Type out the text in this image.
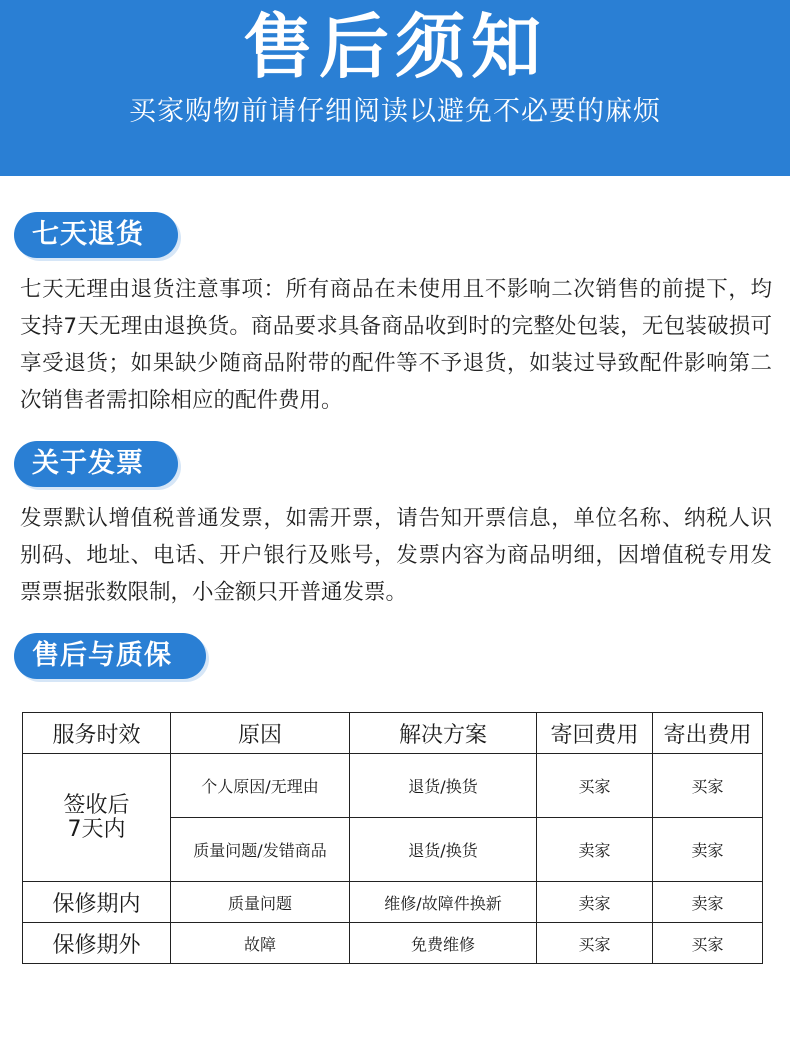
售后须知
买家购物前请仔细阅读以避免不必要的麻烦
七天退货
七天无理由退货注意事项：所有商品在未使用且不影响二次销售的前提下，均支持7天无理由退换货。商品要求具备商品收到时的完整处包装，无包装破损可享受退货；如果缺少随商品附带的配件等不予退货，如装过导致配件影响第二次销售者需扣除相应的配件费用。
关于发票
发票默认增值税普通发票，如需开票，请告知开票信息，单位名称、纳税人识别码、地址、电话、开户银行及账号，发票内容为商品明细，因增值税专用发票票据张数限制，小金额只开普通发票。
售后与质保
服务时效	原因	解决方案	寄回费用	寄出费用

签收后
7天内	个人原因/无理由	退货/换货	买家	买家
	质量问题/发错商品	退货/换货	卖家	卖家
保修期内	质量问题	维修/故障件换新	卖家	卖家
保修期外	故障	免费维修	买家	买家
